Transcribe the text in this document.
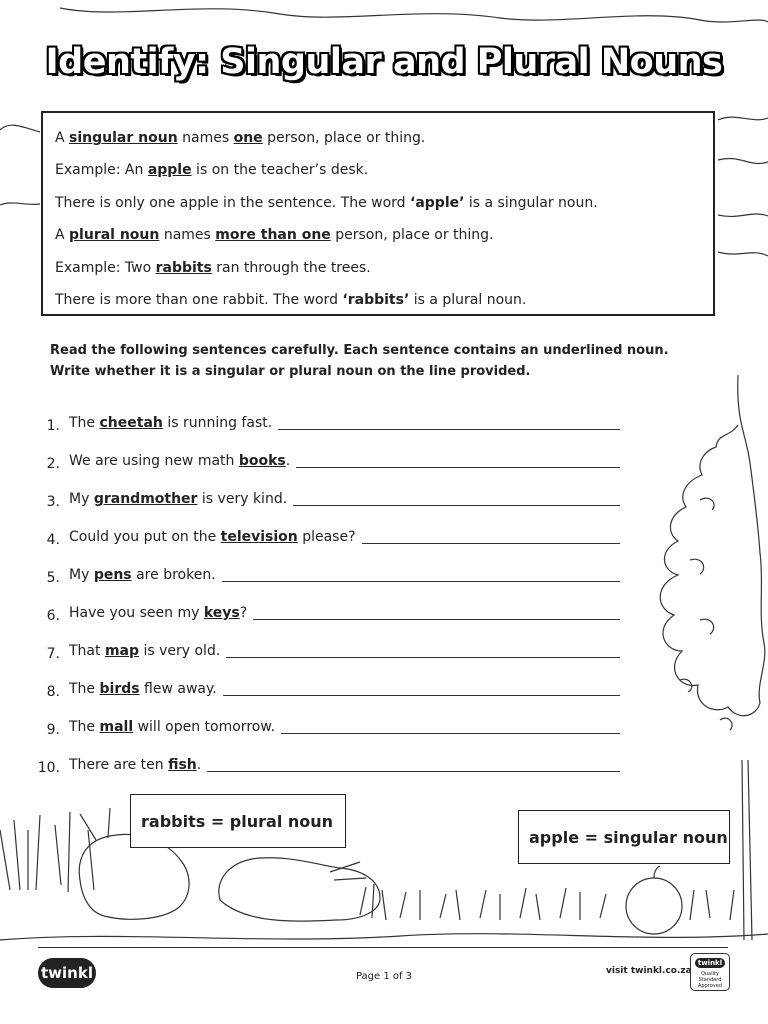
Identify: Singular and Plural Nouns

A singular noun names one person, place or thing.

Example: An apple is on the teacher’s desk.

There is only one apple in the sentence. The word ‘apple’ is a singular noun.

A plural noun names more than one person, place or thing.

Example: Two rabbits ran through the trees.

There is more than one rabbit. The word ‘rabbits’ is a plural noun.

Read the following sentences carefully. Each sentence contains an underlined noun.

Write whether it is a singular or plural noun on the line provided.

1. The cheetah is running fast.
2. We are using new math books.
3. My grandmother is very kind.
4. Could you put on the television please?
5. My pens are broken.
6. Have you seen my keys?
7. That map is very old.
8. The birds flew away.
9. The mall will open tomorrow.
10. There are ten fish.
rabbits = plural noun
apple = singular noun
twinkl	Page 1 of 3	visit twinkl.co.za
twinkl
Quality Standard
Approved
